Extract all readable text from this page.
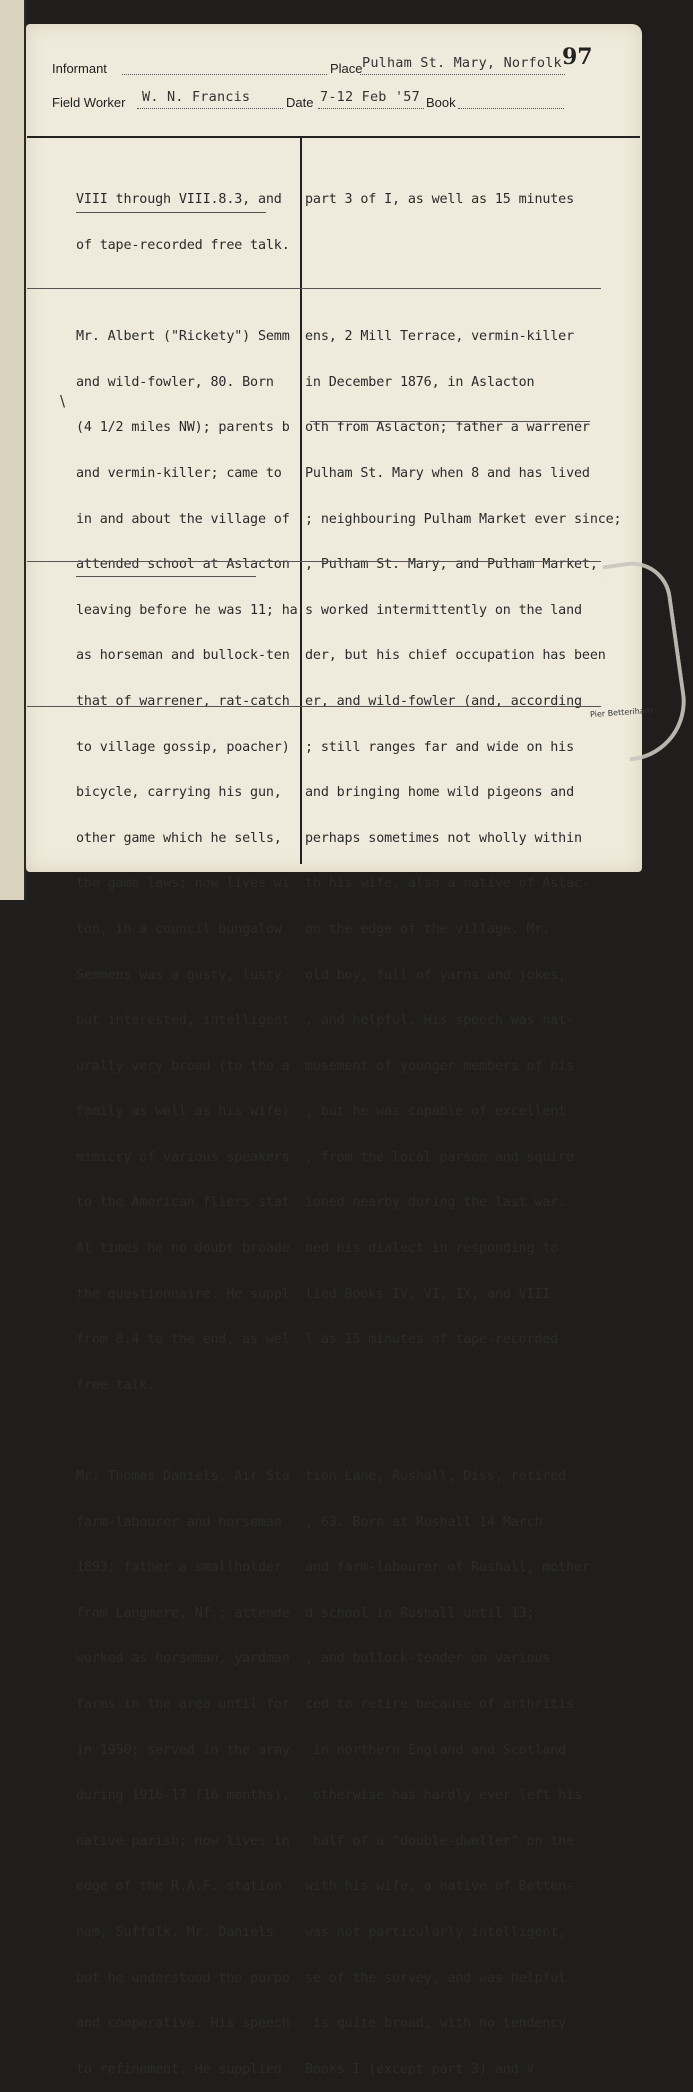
97
Informant	Place Pulham St. Mary, Norfolk
Field Worker W. N. Francis	Date 7-12 Feb '57 Book

VIII through VIII.8.3, and

of tape-recorded free talk.

Mr. Albert ("Rickety") Semm

and wild-fowler, 80. Born

(4 1/2 miles NW); parents b

and vermin-killer; came to

in and about the village of

attended school at Aslacton

leaving before he was 11; ha

as horseman and bullock-ten

that of warrener, rat-catch

to village gossip, poacher)

bicycle, carrying his gun,

other game which he sells,

the game laws; now lives wi

ton, in a council bungalow

Semmens was a gusty, lusty

but interested, intelligent

urally very broad (to the a

family as well as his wife)

mimicry of various speakers

to the American fliers stat

At times he no doubt broade

the questionnaire. He suppl

from 8.4 to the end, as wel

free talk.

Mr. Thomas Daniels, Air Sta

farm-labourer and horseman

1893; father a smallholder

from Langmere, Nf.; attende

worked as horseman, yardman

farms in the area until for

in 1950; served in the army

during 1916-17 (16 months),

native parish; now lives in

edge of the R.A.F. station

ham, Suffolk. Mr. Daniels

but he understood the purpo

and cooperative. His speech

to refinement. He supplied

part 3 of I, as well as 15 minutes

ens, 2 Mill Terrace, vermin-killer

in December 1876, in Aslacton

oth from Aslacton; father a warrener

Pulham St. Mary when 8 and has lived

; neighbouring Pulham Market ever since;

, Pulham St. Mary, and Pulham Market,

s worked intermittently on the land

der, but his chief occupation has been

er, and wild-fowler (and, according

; still ranges far and wide on his

and bringing home wild pigeons and

perhaps sometimes not wholly within

th his wife, also a native of Aslac-

on the edge of the village. Mr.

old boy, full of yarns and jokes,

, and helpful. His speech was nat-

musement of younger members of his

, but he was capable of excellent

, from the local parson and squire

ioned nearby during the last war.

ned his dialect in responding to

lied Books IV, VI, IX, and VIII

l as 15 minutes of tape-recorded

tion Lane, Rushall, Diss, retired

, 63. Born at Rushall 14 March

and farm-labourer of Rushall, mother

d school in Rushall until 13;

, and bullock-tender on various

ced to retire because of arthritis

in northern England and Scotland

otherwise has hardly ever left his

half of a "double-dweller" on the

with his wife, a native of Betten-

was not particularly intelligent,

se of the survey, and was helpful

is quite broad, with no tendency

Books I (except part 3) and V.

\
Pier Betteriham
